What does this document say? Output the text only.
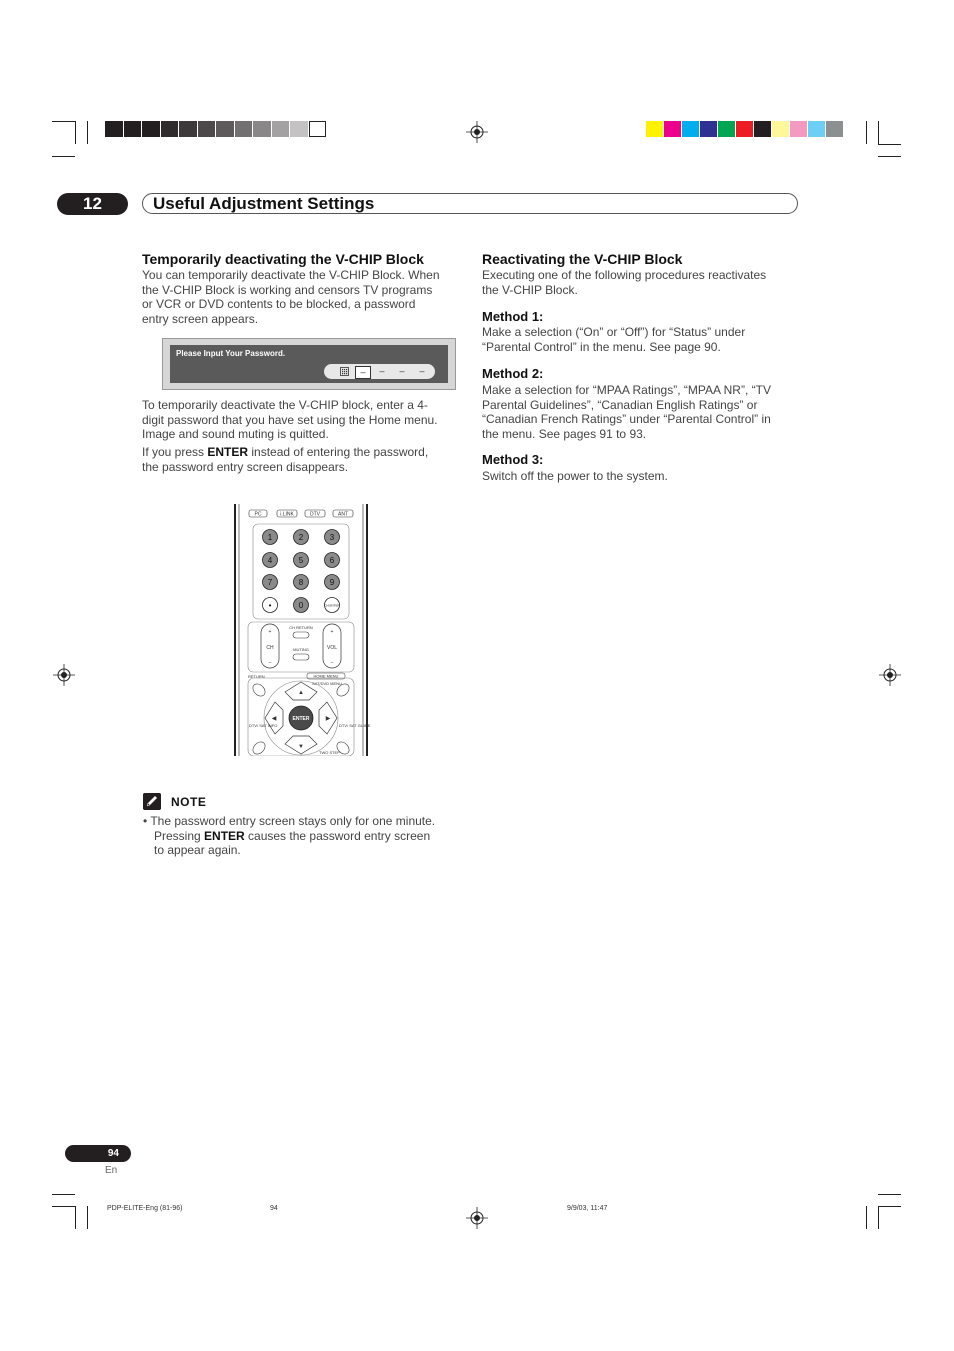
12	Useful Adjustment Settings
Temporarily deactivating the V-CHIP Block
You can temporarily deactivate the V-CHIP Block. When
the V-CHIP Block is working and censors TV programs
or VCR or DVD contents to be blocked, a password
entry screen appears.
Please Input Your Password.
–	–	–	–
To temporarily deactivate the V-CHIP block, enter a 4-
digit password that you have set using the Home menu.
Image and sound muting is quitted.
If you press ENTER instead of entering the password,
the password entry screen disappears.
PC	i.LINK	DTV	ANT
1	2	3
4	5	6
7	8	9
•	0	CH ENTER
+
–
+
–
CH	VOL
CH RETURN
MUTING
RETURN	HOME MENU
SAT/DVD MENU
DTV/ SAT INFO	DTV/ SAT GUIDE
TWO STEP
▲
▼
◀	▶
ENTER
NOTE
• The password entry screen stays only for one minute.
Pressing ENTER causes the password entry screen
to appear again.
Reactivating the V-CHIP Block
Executing one of the following procedures reactivates
the V-CHIP Block.
Method 1:
Make a selection (“On” or “Off”) for “Status” under
“Parental Control” in the menu. See page 90.
Method 2:
Make a selection for “MPAA Ratings”, “MPAA NR”, “TV
Parental Guidelines”, “Canadian English Ratings” or
“Canadian French Ratings” under “Parental Control” in
the menu. See pages 91 to 93.
Method 3:
Switch off the power to the system.
94
En
PDP-ELITE-Eng (81-96)	94	9/9/03, 11:47
